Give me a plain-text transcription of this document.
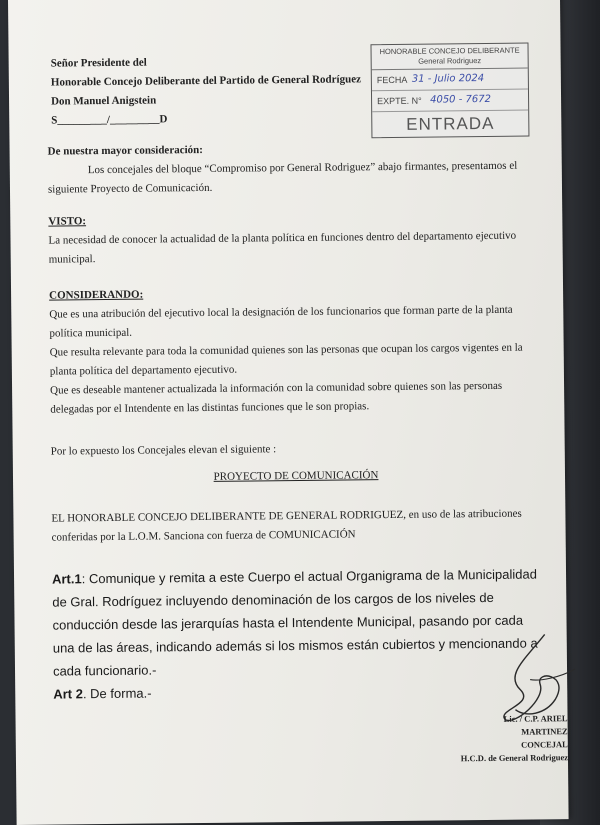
Señor Presidente del
Honorable Concejo Deliberante del Partido de General Rodríguez
Don Manuel Anigstein
S_________/_________D
HONORABLE CONCEJO DELIBERANTE
General Rodriguez
FECHA 31 - Julio 2024
EXPTE. N° 4050 - 7672
ENTRADA
De nuestra mayor consideración:
Los concejales del bloque “Compromiso por General Rodriguez” abajo firmantes, presentamos el siguiente Proyecto de Comunicación.
VISTO:
La necesidad de conocer la actualidad de la planta política en funciones dentro del departamento ejecutivo municipal.
CONSIDERANDO:
Que es una atribución del ejecutivo local la designación de los funcionarios que forman parte de la planta política municipal.
Que resulta relevante para toda la comunidad quienes son las personas que ocupan los cargos vigentes en la planta política del departamento ejecutivo.
Que es deseable mantener actualizada la información con la comunidad sobre quienes son las personas delegadas por el Intendente en las distintas funciones que le son propias.
Por lo expuesto los Concejales elevan el siguiente :
PROYECTO DE COMUNICACIÓN
EL HONORABLE CONCEJO DELIBERANTE DE GENERAL RODRIGUEZ, en uso de las atribuciones conferidas por la L.O.M. Sanciona con fuerza de COMUNICACIÓN
Art.1: Comunique y remita a este Cuerpo el actual Organigrama de la Municipalidad de Gral. Rodríguez incluyendo denominación de los cargos de los niveles de conducción desde las jerarquías hasta el Intendente Municipal, pasando por cada una de las áreas, indicando además si los mismos están cubiertos y mencionando a cada funcionario.-
Art 2. De forma.-
Lic. / C.P. ARIEL MARTINEZ
CONCEJAL
H.C.D. de General Rodriguez
